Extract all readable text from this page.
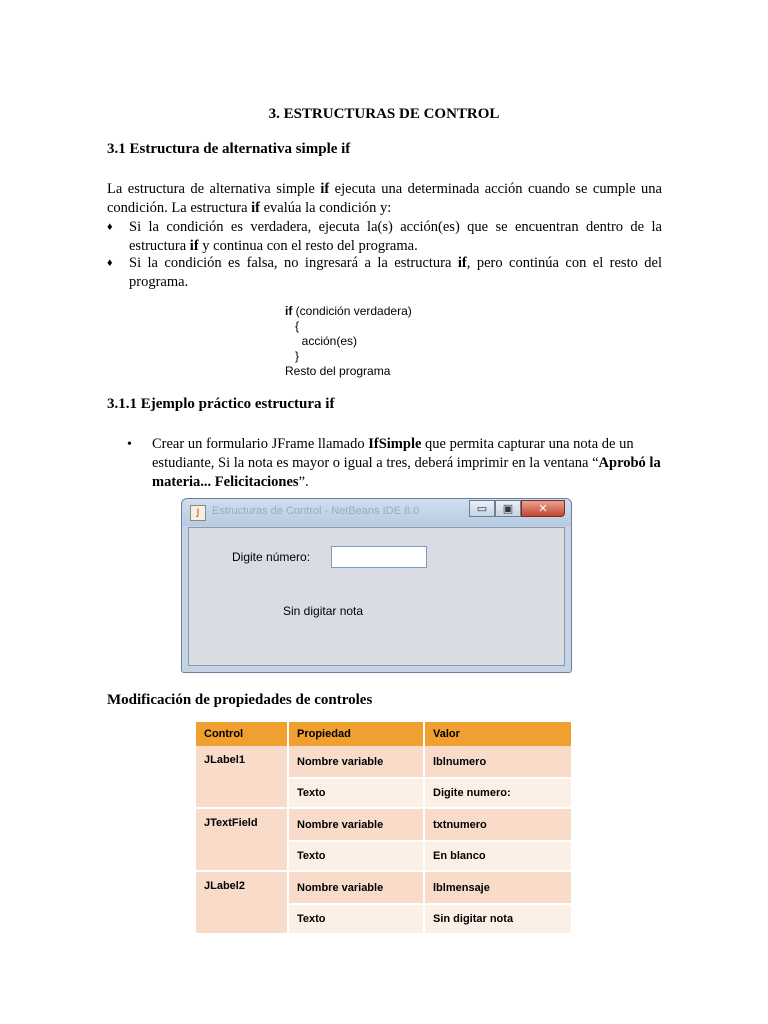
3. ESTRUCTURAS DE CONTROL
3.1 Estructura de alternativa simple if
La estructura de alternativa simple if ejecuta una determinada acción cuando se cumple una condición. La estructura if evalúa la condición y:
♦ Si la condición es verdadera, ejecuta la(s) acción(es) que se encuentran dentro de la estructura if y continua con el resto del programa.
♦ Si la condición es falsa, no ingresará a la estructura if, pero continúa con el resto del programa.
if (condición verdadera)
{
acción(es)
}
Resto del programa
3.1.1 Ejemplo práctico estructura if
• Crear un formulario JFrame llamado IfSimple que permita capturar una nota de un estudiante, Si la nota es mayor o igual a tres, deberá imprimir en la ventana “Aprobó la materia... Felicitaciones”.
J	Estructuras de Control - NetBeans IDE 8.0	▭	▣	✕
Digite número:
Sin digitar nota
Modificación de propiedades de controles
Control	Propiedad	Valor
JLabel1	Nombre variable	lblnumero
	Texto	Digite numero:
JTextField	Nombre variable	txtnumero
	Texto	En blanco
JLabel2	Nombre variable	lblmensaje
	Texto	Sin digitar nota
